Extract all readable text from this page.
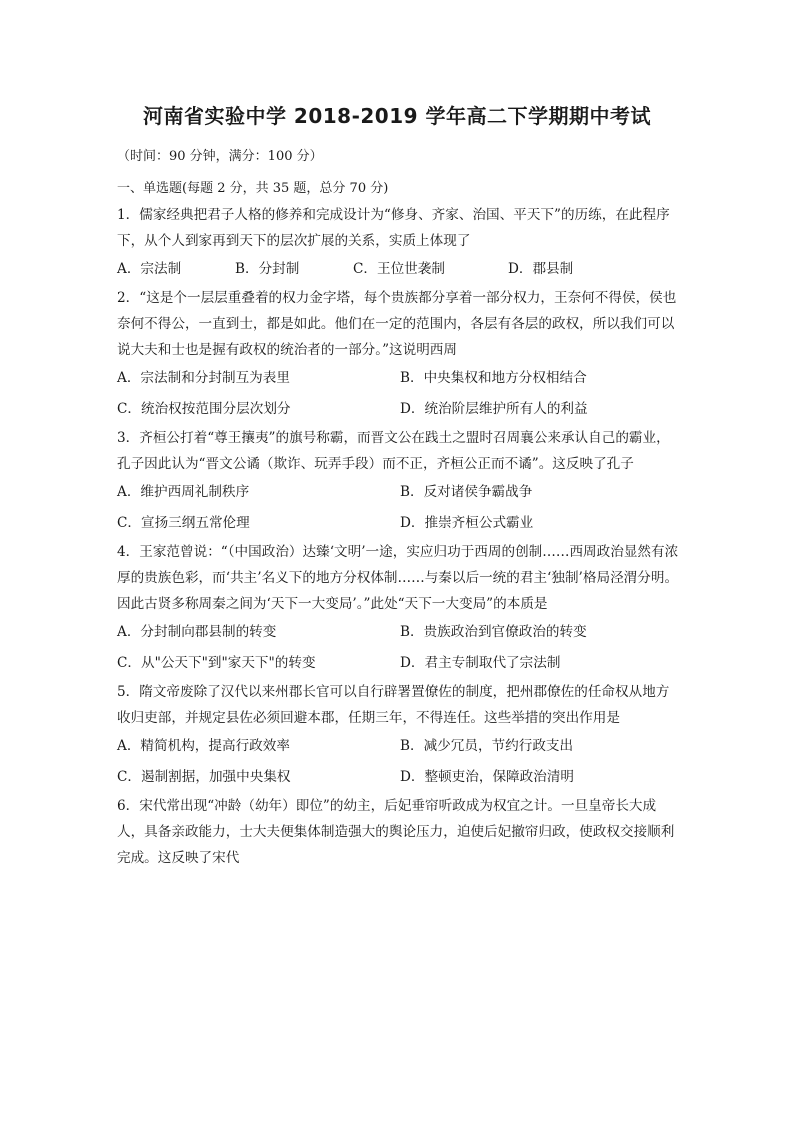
河南省实验中学 2018-2019 学年高二下学期期中考试

（时间：90 分钟，满分：100 分）

一、单选题(每题 2 分，共 35 题，总分 70 分)

1．儒家经典把君子人格的修养和完成设计为“修身、齐家、治国、平天下”的历练，在此程序下，从个人到家再到天下的层次扩展的关系，实质上体现了

A．宗法制	B．分封制	C．王位世袭制	D．郡县制

2．“这是个一层层重叠着的权力金字塔，每个贵族都分享着一部分权力，王奈何不得侯，侯也奈何不得公，一直到士，都是如此。他们在一定的范围内，各层有各层的政权，所以我们可以说大夫和士也是握有政权的统治者的一部分。”这说明西周

A．宗法制和分封制互为表里	B．中央集权和地方分权相结合
C．统治权按范围分层次划分	D．统治阶层维护所有人的利益

3．齐桓公打着“尊王攘夷”的旗号称霸，而晋文公在践土之盟时召周襄公来承认自己的霸业，孔子因此认为“晋文公谲（欺诈、玩弄手段）而不正，齐桓公正而不谲”。这反映了孔子

A．维护西周礼制秩序	B．反对诸侯争霸战争
C．宣扬三纲五常伦理	D．推崇齐桓公式霸业

4．王家范曾说：“（中国政治）达臻‘文明’一途，实应归功于西周的创制……西周政治显然有浓厚的贵族色彩，而‘共主’名义下的地方分权体制……与秦以后一统的君主‘独制’格局泾渭分明。因此古贤多称周秦之间为‘天下一大变局’。”此处“天下一大变局”的本质是

A．分封制向郡县制的转变	B．贵族政治到官僚政治的转变
C．从"公天下"到"家天下"的转变	D．君主专制取代了宗法制

5．隋文帝废除了汉代以来州郡长官可以自行辟署置僚佐的制度，把州郡僚佐的任命权从地方收归吏部，并规定县佐必须回避本郡，任期三年，不得连任。这些举措的突出作用是

A．精简机构，提高行政效率	B．减少冗员，节约行政支出
C．遏制割据，加强中央集权	D．整顿吏治，保障政治清明

6．宋代常出现“冲龄（幼年）即位”的幼主，后妃垂帘听政成为权宜之计。一旦皇帝长大成人，具备亲政能力，士大夫便集体制造强大的舆论压力，迫使后妃撤帘归政，使政权交接顺利完成。这反映了宋代
